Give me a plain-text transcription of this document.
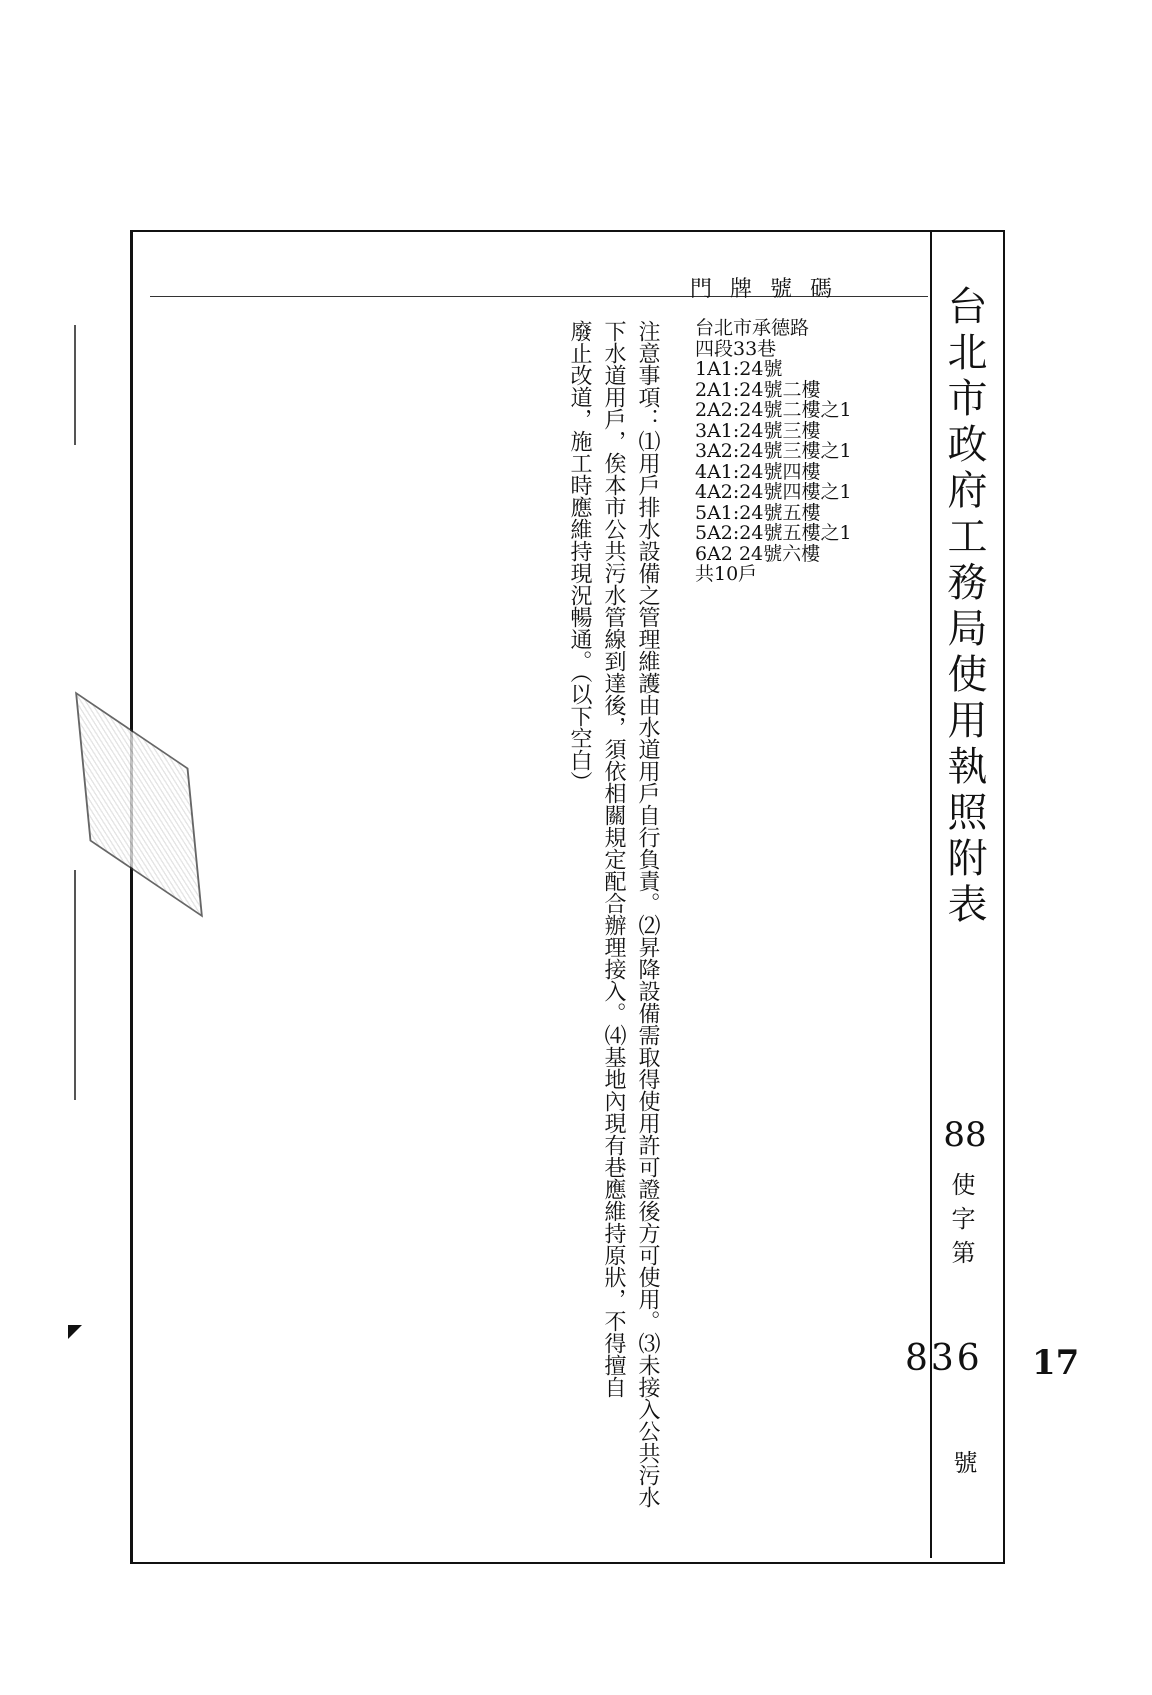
門牌號碼 台北市政府工務局使用執照附表
88
使字第
836
號
17
台北市承德路
四段33巷
1A1:24號
2A1:24號二樓
2A2:24號二樓之1
3A1:24號三樓
3A2:24號三樓之1
4A1:24號四樓
4A2:24號四樓之1
5A1:24號五樓
5A2:24號五樓之1
6A2 24號六樓
共10戶
注意事項：⑴用戶排水設備之管理維護由水道用戶自行負責。⑵昇降設備需取得使用許可證後方可使用。⑶未接入公共污水
下水道用戶，俟本市公共污水管線到達後，須依相關規定配合辦理接入。⑷基地內現有巷應維持原狀，不得擅自
廢止改道，施工時應維持現況暢通。（以下空白）
